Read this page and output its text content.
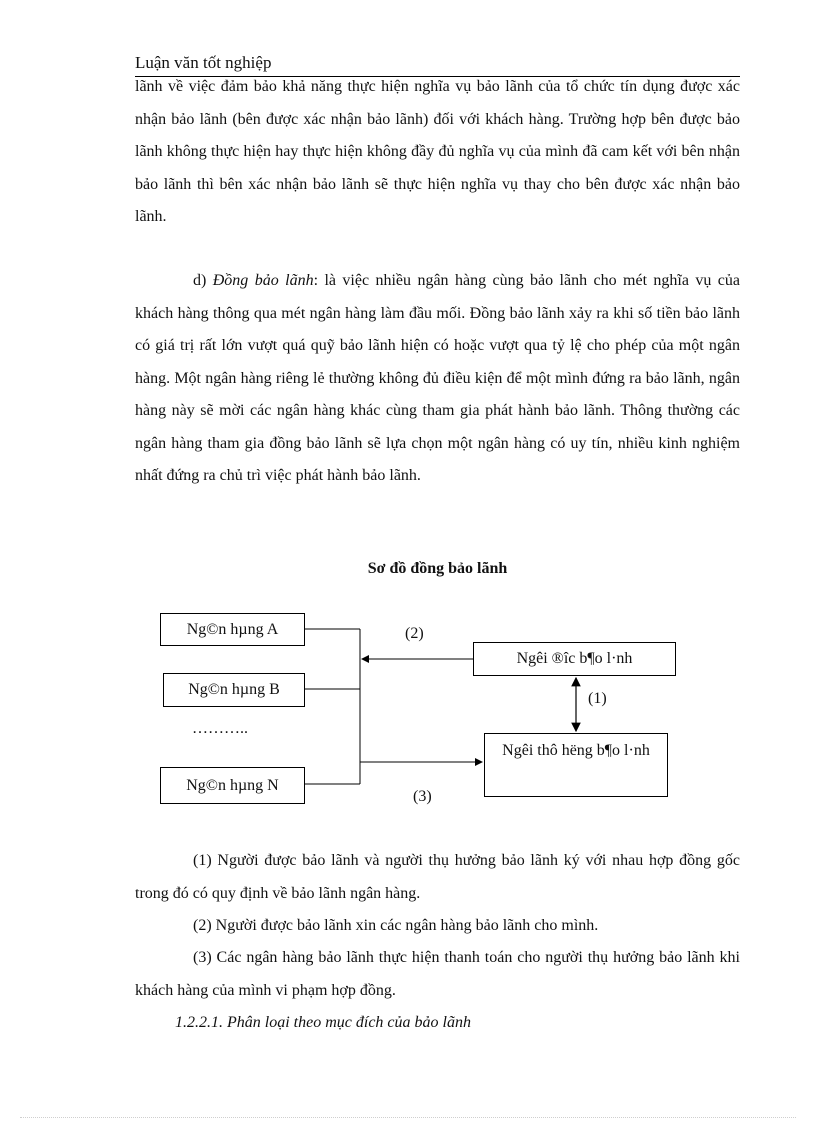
Luận văn tốt nghiệp

lãnh về việc đảm bảo khả năng thực hiện nghĩa vụ bảo lãnh của tổ chức tín dụng được xác nhận bảo lãnh (bên được xác nhận bảo lãnh) đối với khách hàng. Trường hợp bên được bảo lãnh không thực hiện hay thực hiện không đầy đủ nghĩa vụ của mình đã cam kết với bên nhận bảo lãnh thì bên xác nhận bảo lãnh sẽ thực hiện nghĩa vụ thay cho bên được xác nhận bảo lãnh.

d) Đồng bảo lãnh: là việc nhiều ngân hàng cùng bảo lãnh cho mét nghĩa vụ của khách hàng thông qua mét ngân hàng làm đầu mối. Đồng bảo lãnh xảy ra khi số tiền bảo lãnh có giá trị rất lớn vượt quá quỹ bảo lãnh hiện có hoặc vượt qua tỷ lệ cho phép của một ngân hàng. Một ngân hàng riêng lẻ thường không đủ điều kiện để một mình đứng ra bảo lãnh, ngân hàng này sẽ mời các ngân hàng khác cùng tham gia phát hành bảo lãnh. Thông thường các ngân hàng tham gia đồng bảo lãnh sẽ lựa chọn một ngân hàng có uy tín, nhiều kinh nghiệm nhất đứng ra chủ trì việc phát hành bảo lãnh.

Sơ đồ đồng bảo lãnh
Ng©n hµng A
Ng©n hµng B
………..
Ng©n hµng N
Ngêi ®îc b¶o l·nh
Ngêi thô hëng b¶o l·nh
(2)
(1)
(3)

(1) Người được bảo lãnh và người thụ hưởng bảo lãnh ký với nhau hợp đồng gốc trong đó có quy định về bảo lãnh ngân hàng.

(2) Người được bảo lãnh xin các ngân hàng bảo lãnh cho mình.

(3) Các ngân hàng bảo lãnh thực hiện thanh toán cho người thụ hưởng bảo lãnh khi khách hàng của mình vi phạm hợp đồng.

1.2.2.1. Phân loại theo mục đích của bảo lãnh
